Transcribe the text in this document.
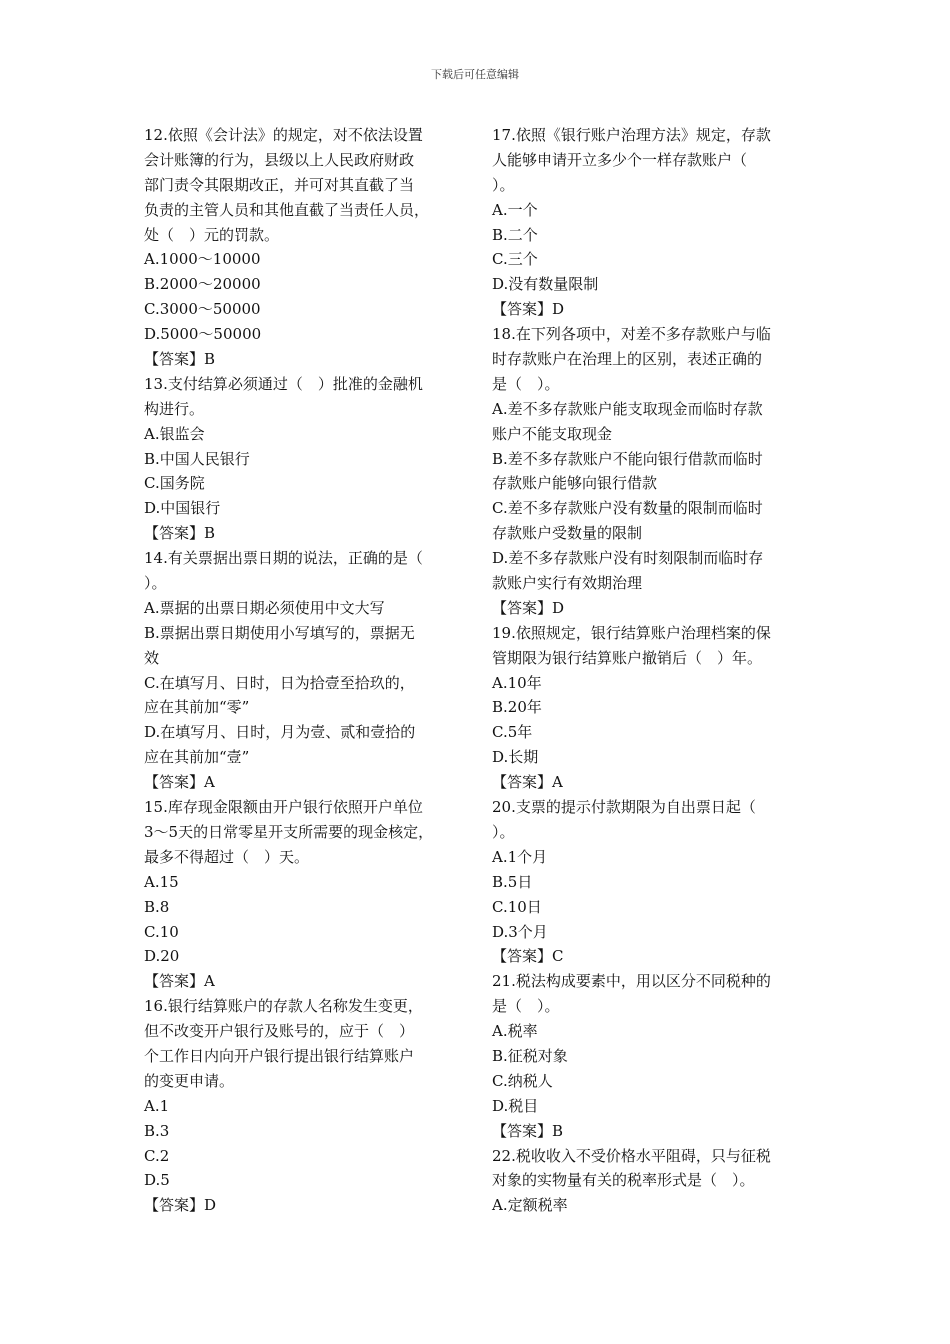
下载后可任意编辑
12.依照《会计法》的规定，对不依法设置
会计账簿的行为，县级以上人民政府财政
部门责令其限期改正，并可对其直截了当
负责的主管人员和其他直截了当责任人员，
处（　）元的罚款。
A.1000～10000
B.2000～20000
C.3000～50000
D.5000～50000
【答案】B
13.支付结算必须通过（　）批准的金融机
构进行。
A.银监会
B.中国人民银行
C.国务院
D.中国银行
【答案】B
14.有关票据出票日期的说法，正确的是（
）。
A.票据的出票日期必须使用中文大写
B.票据出票日期使用小写填写的，票据无
效
C.在填写月、日时，日为拾壹至拾玖的，
应在其前加“零”
D.在填写月、日时，月为壹、贰和壹拾的
应在其前加“壹”
【答案】A
15.库存现金限额由开户银行依照开户单位
3～5天的日常零星开支所需要的现金核定，
最多不得超过（　）天。
A.15
B.8
C.10
D.20
【答案】A
16.银行结算账户的存款人名称发生变更，
但不改变开户银行及账号的，应于（　）
个工作日内向开户银行提出银行结算账户
的变更申请。
A.1
B.3
C.2
D.5
【答案】D
17.依照《银行账户治理方法》规定，存款
人能够申请开立多少个一样存款账户（
）。
A.一个
B.二个
C.三个
D.没有数量限制
【答案】D
18.在下列各项中，对差不多存款账户与临
时存款账户在治理上的区别，表述正确的
是（　）。
A.差不多存款账户能支取现金而临时存款
账户不能支取现金
B.差不多存款账户不能向银行借款而临时
存款账户能够向银行借款
C.差不多存款账户没有数量的限制而临时
存款账户受数量的限制
D.差不多存款账户没有时刻限制而临时存
款账户实行有效期治理
【答案】D
19.依照规定，银行结算账户治理档案的保
管期限为银行结算账户撤销后（　）年。
A.10年
B.20年
C.5年
D.长期
【答案】A
20.支票的提示付款期限为自出票日起（
）。
A.1个月
B.5日
C.10日
D.3个月
【答案】C
21.税法构成要素中，用以区分不同税种的
是（　）。
A.税率
B.征税对象
C.纳税人
D.税目
【答案】B
22.税收收入不受价格水平阻碍，只与征税
对象的实物量有关的税率形式是（　）。
A.定额税率
